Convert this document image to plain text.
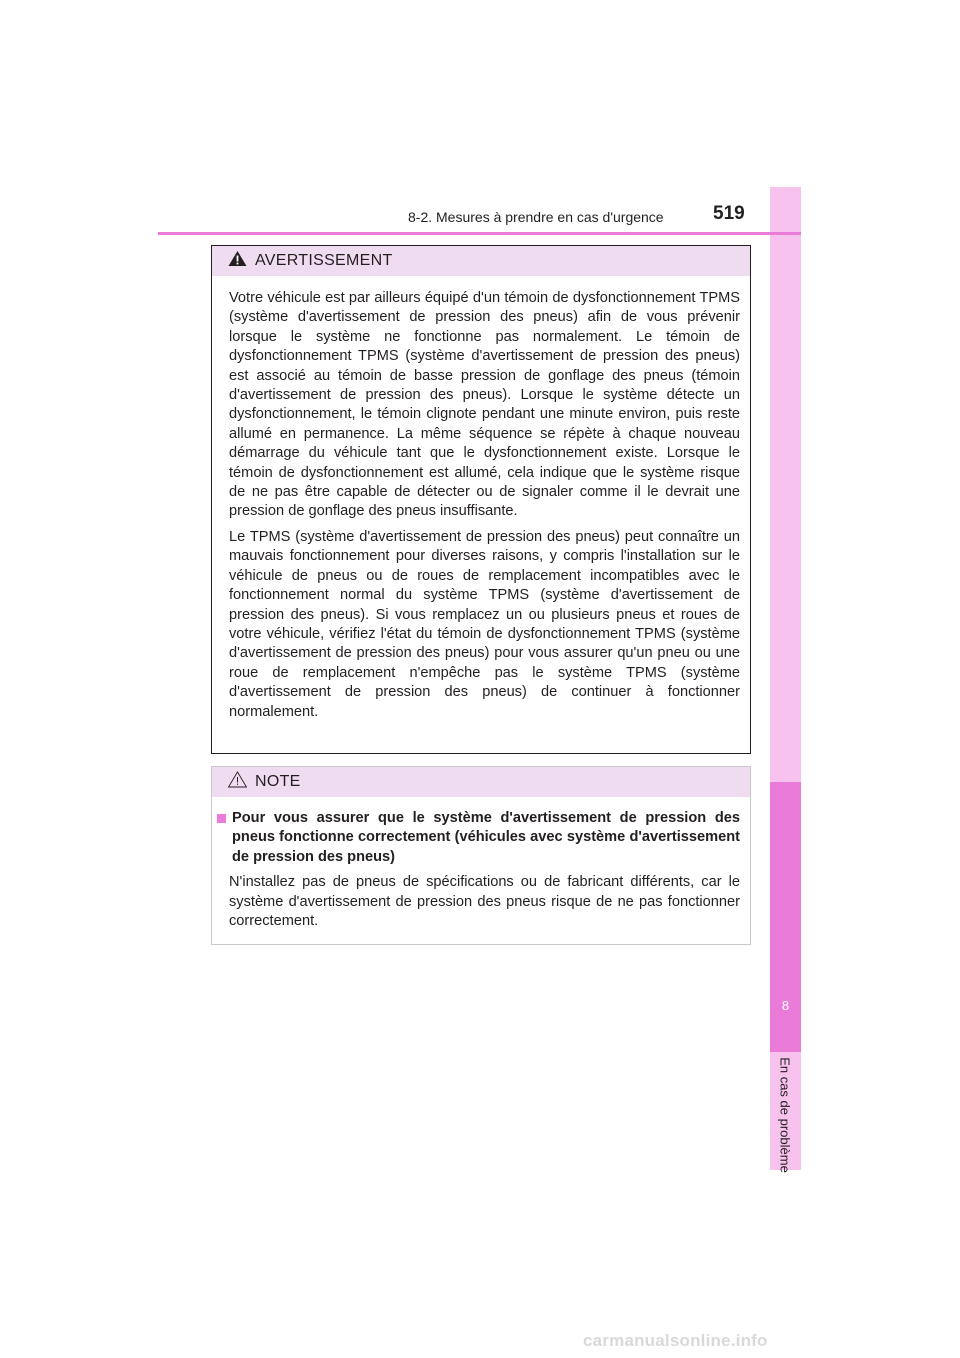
8
En cas de problème
8-2. Mesures à prendre en cas d'urgence	519
AVERTISSEMENT

Votre véhicule est par ailleurs équipé d'un témoin de dysfonctionnement TPMS (système d'avertissement de pression des pneus) afin de vous prévenir lorsque le système ne fonctionne pas normalement. Le témoin de dysfonctionnement TPMS (système d'avertissement de pression des pneus) est associé au témoin de basse pression de gonflage des pneus (témoin d'avertissement de pression des pneus). Lorsque le système détecte un dysfonctionnement, le témoin clignote pendant une minute environ, puis reste allumé en permanence. La même séquence se répète à chaque nouveau démarrage du véhicule tant que le dysfonctionnement existe. Lorsque le témoin de dysfonctionnement est allumé, cela indique que le système risque de ne pas être capable de détecter ou de signaler comme il le devrait une pression de gonflage des pneus insuffisante.

Le TPMS (système d'avertissement de pression des pneus) peut connaître un mauvais fonctionnement pour diverses raisons, y compris l'installation sur le véhicule de pneus ou de roues de remplacement incompatibles avec le fonctionnement normal du système TPMS (système d'avertissement de pression des pneus). Si vous remplacez un ou plusieurs pneus et roues de votre véhicule, vérifiez l'état du témoin de dysfonctionnement TPMS (système d'avertissement de pression des pneus) pour vous assurer qu'un pneu ou une roue de remplacement n'empêche pas le système TPMS (système d'avertissement de pression des pneus) de continuer à fonctionner normalement.

NOTE

Pour vous assurer que le système d'avertissement de pression des pneus fonctionne correctement (véhicules avec système d'avertissement de pression des pneus)

N'installez pas de pneus de spécifications ou de fabricant différents, car le système d'avertissement de pression des pneus risque de ne pas fonctionner correctement.

carmanualsonline.info
